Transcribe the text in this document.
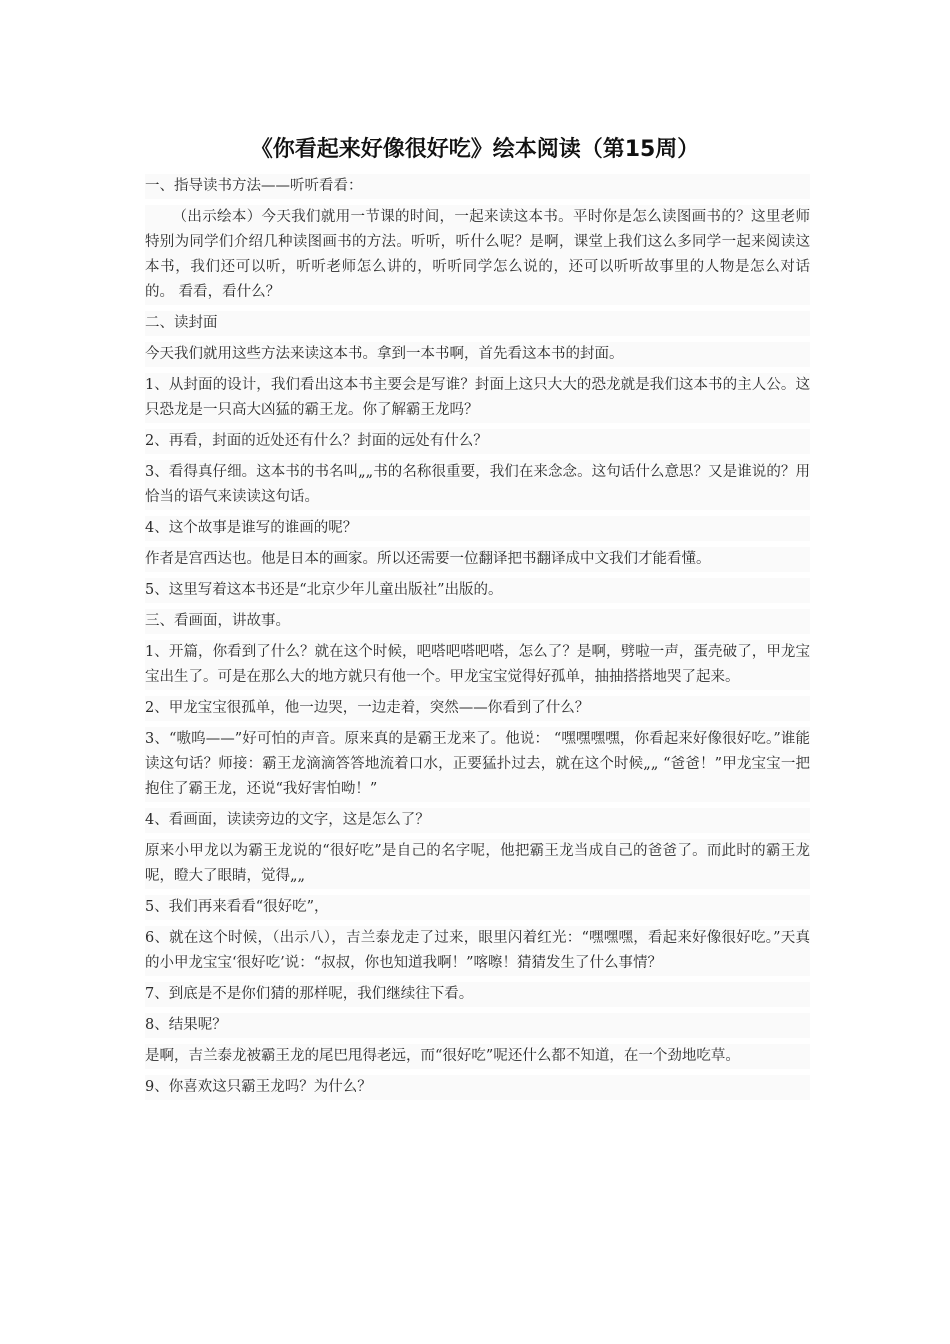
《你看起来好像很好吃》绘本阅读（第15周）

一、指导读书方法——听听看看：

（出示绘本）今天我们就用一节课的时间，一起来读这本书。平时你是怎么读图画书的？这里老师特别为同学们介绍几种读图画书的方法。听听，听什么呢？是啊，课堂上我们这么多同学一起来阅读这本书，我们还可以听，听听老师怎么讲的，听听同学怎么说的，还可以听听故事里的人物是怎么对话的。 看看，看什么？

二、读封面

今天我们就用这些方法来读这本书。拿到一本书啊，首先看这本书的封面。

1、从封面的设计，我们看出这本书主要会是写谁？封面上这只大大的恐龙就是我们这本书的主人公。这只恐龙是一只高大凶猛的霸王龙。你了解霸王龙吗？

2、再看，封面的近处还有什么？封面的远处有什么？

3、看得真仔细。这本书的书名叫„„书的名称很重要，我们在来念念。这句话什么意思？又是谁说的？用恰当的语气来读读这句话。

4、这个故事是谁写的谁画的呢？

作者是宫西达也。他是日本的画家。所以还需要一位翻译把书翻译成中文我们才能看懂。

5、这里写着这本书还是“北京少年儿童出版社”出版的。

三、看画面，讲故事。

1、开篇，你看到了什么？就在这个时候，吧嗒吧嗒吧嗒，怎么了？是啊，劈啦一声，蛋壳破了，甲龙宝宝出生了。可是在那么大的地方就只有他一个。甲龙宝宝觉得好孤单，抽抽搭搭地哭了起来。

2、甲龙宝宝很孤单，他一边哭，一边走着，突然——你看到了什么？

3、“嗷呜——”好可怕的声音。原来真的是霸王龙来了。他说： “嘿嘿嘿嘿，你看起来好像很好吃。”谁能读这句话？师接：霸王龙滴滴答答地流着口水，正要猛扑过去，就在这个时候„„ “爸爸！”甲龙宝宝一把抱住了霸王龙，还说“我好害怕呦！”

4、看画面，读读旁边的文字，这是怎么了？

原来小甲龙以为霸王龙说的“很好吃”是自己的名字呢，他把霸王龙当成自己的爸爸了。而此时的霸王龙呢，瞪大了眼睛，觉得„„

5、我们再来看看“很好吃”，

6、就在这个时候，（出示八），吉兰泰龙走了过来，眼里闪着红光：“嘿嘿嘿，看起来好像很好吃。”天真的小甲龙宝宝‘很好吃’说：“叔叔，你也知道我啊！”喀嚓！猜猜发生了什么事情？

7、到底是不是你们猜的那样呢，我们继续往下看。

8、结果呢？

是啊，吉兰泰龙被霸王龙的尾巴甩得老远，而“很好吃”呢还什么都不知道，在一个劲地吃草。

9、你喜欢这只霸王龙吗？为什么？
